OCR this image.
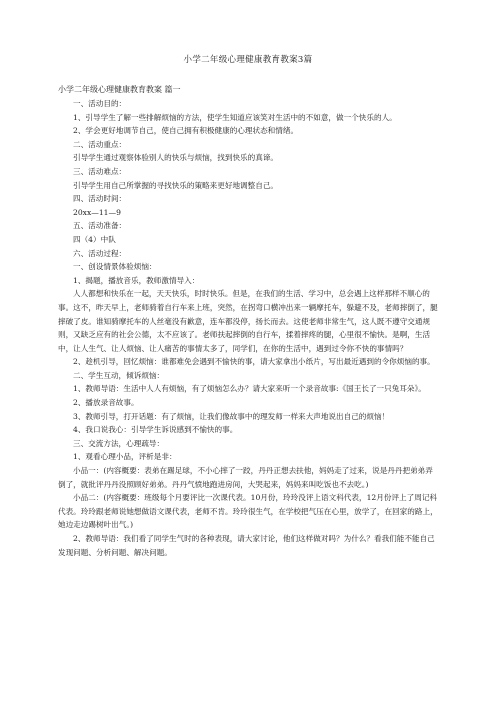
小学二年级心理健康教育教案3篇
小学二年级心理健康教育教案 篇一

一、活动目的：

1、引导学生了解一些排解烦恼的方法，使学生知道应该笑对生活中的不如意，做一个快乐的人。

2、学会更好地调节自己，使自己拥有积极健康的心理状态和情绪。

二、活动重点：

引导学生通过观察体验别人的快乐与烦恼，找到快乐的真谛。

三、活动难点：

引导学生用自己所掌握的寻找快乐的策略来更好地调整自己。

四、活动时间：

20xx—11—9

五、活动准备：

四（4）中队

六、活动过程：

一、创设情景体验烦恼：

1、揭题，播放音乐，教师激情导入：

人人都想和快乐在一起，天天快乐，时时快乐。但是，在我们的生活、学习中，总会遇上这样那样不顺心的事。这不，昨天早上，老师骑着自行车来上班，突然，在拐弯口横冲出来一辆摩托车，躲避不及，老师摔倒了，腿摔破了皮。谁知骑摩托车的人丝毫没有歉意，连车都没停，扬长而去。这使老师非常生气，这人既不遵守交通规则，又缺乏应有的社会公德，太不应该了。老师扶起摔倒的自行车，揉着摔疼的腿，心里很不愉快。是啊，生活中，让人生气、让人烦恼、让人痛苦的事情太多了，同学们，在你的生活中，遇到过令你不快的事情吗？

2、趁机引导，回忆烦恼：谁都难免会遇到不愉快的事，请大家拿出小纸片，写出最近遇到的令你烦恼的事。

二、学生互动，倾诉烦恼：

1、教师导语：生活中人人有烦恼，有了烦恼怎么办？请大家来听一个录音故事:《国王长了一只兔耳朵》。

2、播放录音故事。

3、教师引导，打开话题：有了烦恼，让我们像故事中的理发师一样来大声地说出自己的烦恼！

4、我口说我心：引导学生诉说感到不愉快的事。

三、交流方法，心理疏导：

1、观看心理小品，评析是非：

小品一：(内容概要：表弟在踢足球，不小心摔了一跤，丹丹正想去扶他，妈妈走了过来，说是丹丹把弟弟弄倒了，就批评丹丹没照顾好弟弟。丹丹气愤地跑进房间，大哭起来，妈妈来叫吃饭也不去吃。)

小品二：(内容概要：班级每个月要评比一次课代表。10月份，玲玲没评上语文科代表，12月份评上了周记科代表。玲玲跟老师说她想做语文课代表，老师不肯。玲玲很生气，在学校把气压在心里，放学了，在回家的路上，她边走边踢树叶出气。)

2、教师导语：我们看了同学生气时的各种表现，请大家讨论，他们这样做对吗？为什么？看我们能不能自己发现问题、分析问题、解决问题。
